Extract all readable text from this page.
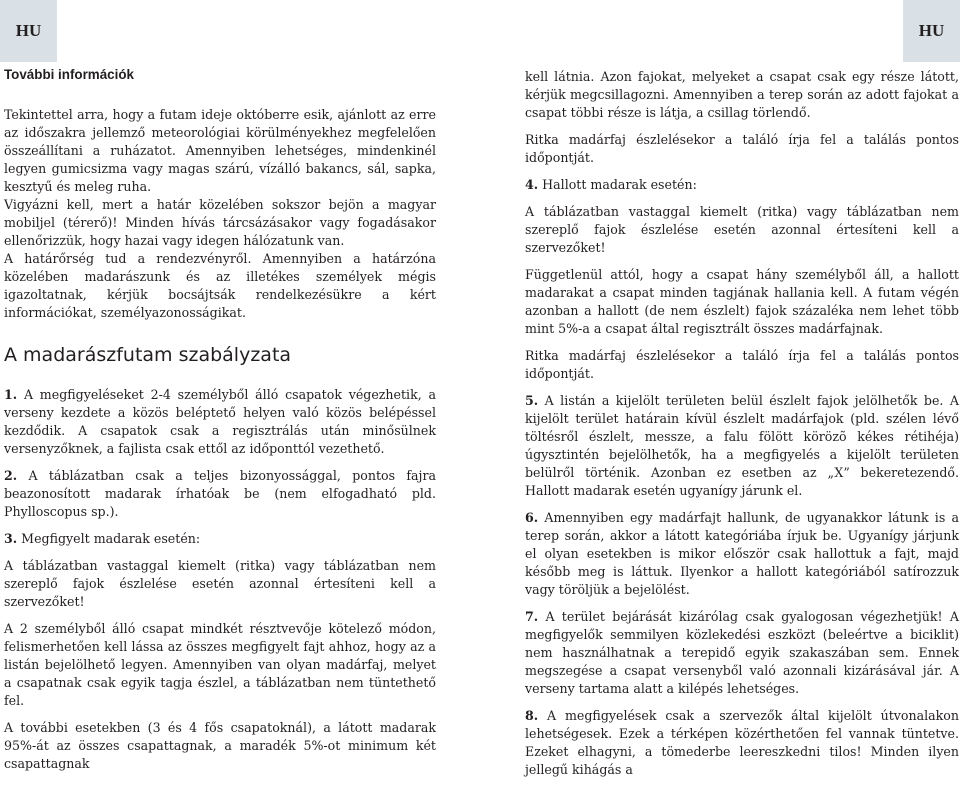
HU	HU
További információk

Tekintettel arra, hogy a futam ideje októberre esik, ajánlott az erre az időszakra jellemző meteorológiai körülményekhez megfelelően összeállítani a ruházatot. Amennyiben lehetséges, mindenkinél legyen gumicsizma vagy magas szárú, vízálló bakancs, sál, sapka, kesztyű és meleg ruha.

Vigyázni kell, mert a határ közelében sokszor bejön a magyar mobiljel (térerő)! Minden hívás tárcsázásakor vagy fogadásakor ellenőrizzük, hogy hazai vagy idegen hálózatunk van.

A határőrség tud a rendezvényről. Amennyiben a határzóna közelében madarászunk és az illetékes személyek mégis igazoltatnak, kérjük bocsájtsák rendelkezésükre a kért információkat, személyazonosságikat.

A madarászfutam szabályzata

1. A megfigyeléseket 2-4 személyből álló csapatok végezhetik, a verseny kezdete a közös beléptető helyen való közös belépéssel kezdődik. A csapatok csak a regisztrálás után minősülnek versenyzőknek, a fajlista csak ettől az időponttól vezethető.

2. A táblázatban csak a teljes bizonyossággal, pontos fajra beazonosított madarak írhatóak be (nem elfogadható pld. Phylloscopus sp.).

3. Megfigyelt madarak esetén:

A táblázatban vastaggal kiemelt (ritka) vagy táblázatban nem szereplő fajok észlelése esetén azonnal értesíteni kell a szervezőket!

A 2 személyből álló csapat mindkét résztvevője kötelező módon, felismerhetően kell lássa az összes megfigyelt fajt ahhoz, hogy az a listán bejelölhető legyen. Amennyiben van olyan madárfaj, melyet a csapatnak csak egyik tagja észlel, a táblázatban nem tüntethető fel.

A további esetekben (3 és 4 fős csapatoknál), a látott madarak 95%-át az összes csapattagnak, a maradék 5%-ot minimum két csapattagnak

kell látnia. Azon fajokat, melyeket a csapat csak egy része látott, kérjük megcsillagozni. Amennyiben a terep során az adott fajokat a csapat többi része is látja, a csillag törlendő.

Ritka madárfaj észlelésekor a találó írja fel a találás pontos időpontját.

4. Hallott madarak esetén:

A táblázatban vastaggal kiemelt (ritka) vagy táblázatban nem szereplő fajok észlelése esetén azonnal értesíteni kell a szervezőket!

Függetlenül attól, hogy a csapat hány személyből áll, a hallott madarakat a csapat minden tagjának hallania kell. A futam végén azonban a hallott (de nem észlelt) fajok százaléka nem lehet több mint 5%-a a csapat által regisztrált összes madárfajnak.

Ritka madárfaj észlelésekor a találó írja fel a találás pontos időpontját.

5. A listán a kijelölt területen belül észlelt fajok jelölhetők be. A kijelölt terület határain kívül észlelt madárfajok (pld. szélen lévő töltésről észlelt, messze, a falu fölött körözõ kékes rétihéja) úgysztintén bejelölhetők, ha a megfigyelés a kijelölt területen belülről történik. Azonban ez esetben az „X” bekeretezendő. Hallott madarak esetén ugyanígy járunk el.

6. Amennyiben egy madárfajt hallunk, de ugyanakkor látunk is a terep során, akkor a látott kategóriába írjuk be. Ugyanígy járjunk el olyan esetekben is mikor először csak hallottuk a fajt, majd később meg is láttuk. Ilyenkor a hallott kategóriából satírozzuk vagy töröljük a bejelölést.

7. A terület bejárását kizárólag csak gyalogosan végezhetjük! A megfigyelők semmilyen közlekedési eszközt (beleértve a biciklit) nem használhatnak a terepidő egyik szakaszában sem. Ennek megszegése a csapat versenyből való azonnali kizárásával jár. A verseny tartama alatt a kilépés lehetséges.

8. A megfigyelések csak a szervezők által kijelölt útvonalakon lehetségesek. Ezek a térképen közérthetően fel vannak tüntetve. Ezeket elhagyni, a tömederbe leereszkedni tilos! Minden ilyen jellegű kihágás a
